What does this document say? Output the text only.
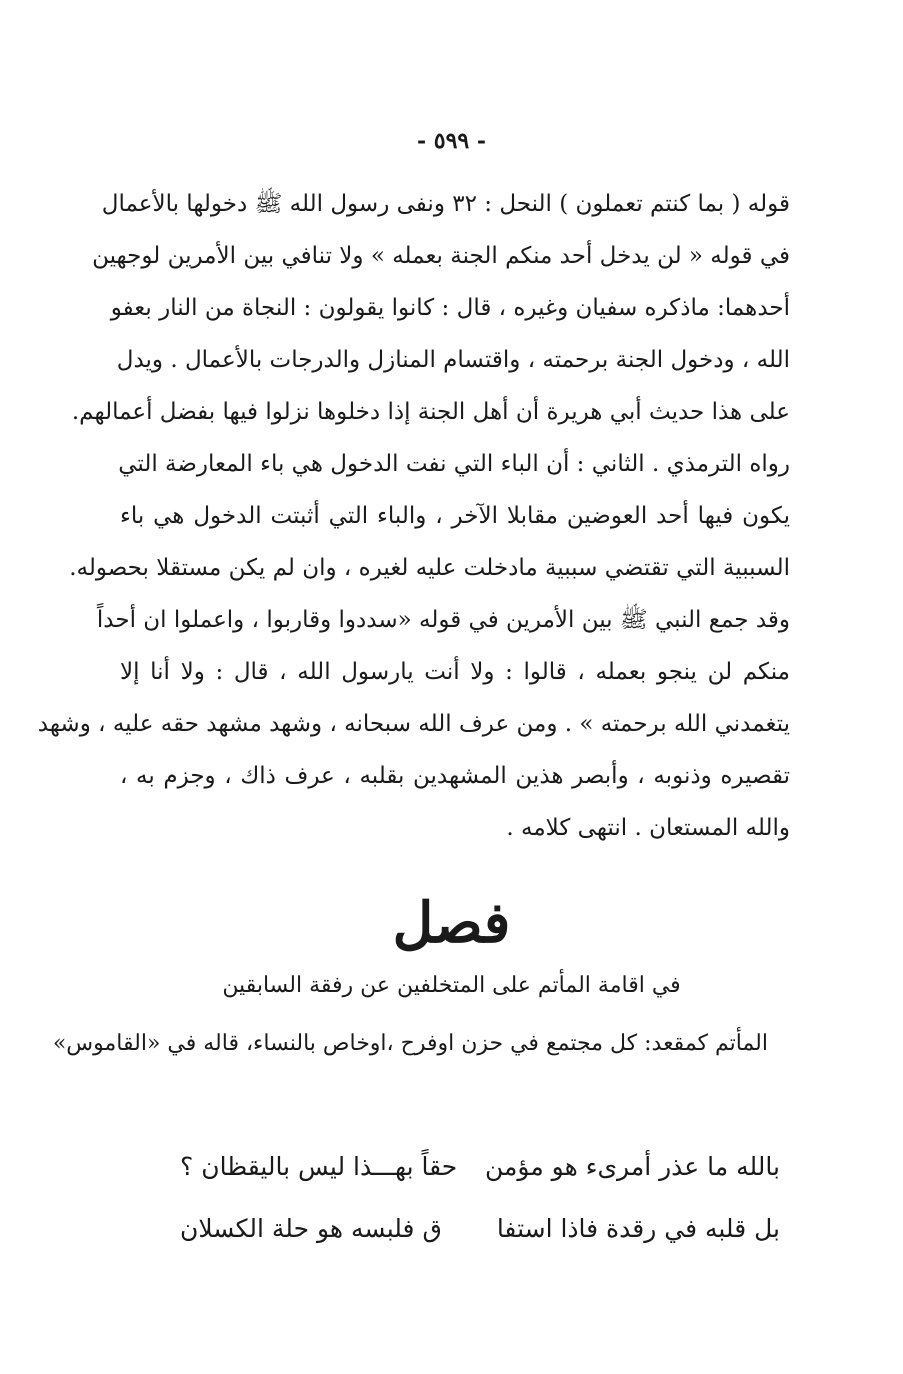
- ٥٩٩ -
قوله ( بما كنتم تعملون ) النحل : ٣٢ ونفى رسول الله ﷺ دخولها بالأعمال
في قوله « لن يدخل أحد منكم الجنة بعمله » ولا تنافي بين الأمرين لوجهين
أحدهما: ماذكره سفيان وغيره ، قال : كانوا يقولون : النجاة من النار بعفو
الله ، ودخول الجنة برحمته ، واقتسام المنازل والدرجات بالأعمال . ويدل
على هذا حديث أبي هريرة أن أهل الجنة إذا دخلوها نزلوا فيها بفضل أعمالهم.
رواه الترمذي . الثاني : أن الباء التي نفت الدخول هي باء المعارضة التي
يكون فيها أحد العوضين مقابلا الآخر ، والباء التي أثبتت الدخول هي باء
السببية التي تقتضي سببية مادخلت عليه لغيره ، وان لم يكن مستقلا بحصوله.
وقد جمع النبي ﷺ بين الأمرين في قوله «سددوا وقاربوا ، واعملوا ان أحداً
منكم لن ينجو بعمله ، قالوا : ولا أنت يارسول الله ، قال : ولا أنا إلا
يتغمدني الله برحمته » . ومن عرف الله سبحانه ، وشهد مشهد حقه عليه ، وشهد
تقصيره وذنوبه ، وأبصر هذين المشهدين بقلبه ، عرف ذاك ، وجزم به ،
والله المستعان . انتهى كلامه .
فصل
في اقامة المأتم على المتخلفين عن رفقة السابقين
المأتم كمقعد: كل مجتمع في حزن اوفرح ،اوخاص بالنساء، قاله في «القاموس»
بالله ما عذر أمرىء هو مؤمن
حقاً بهـــذا ليس باليقظان ؟
بل قلبه في رقدة فاذا استفا
ق فلبسه هو حلة الكسلان
